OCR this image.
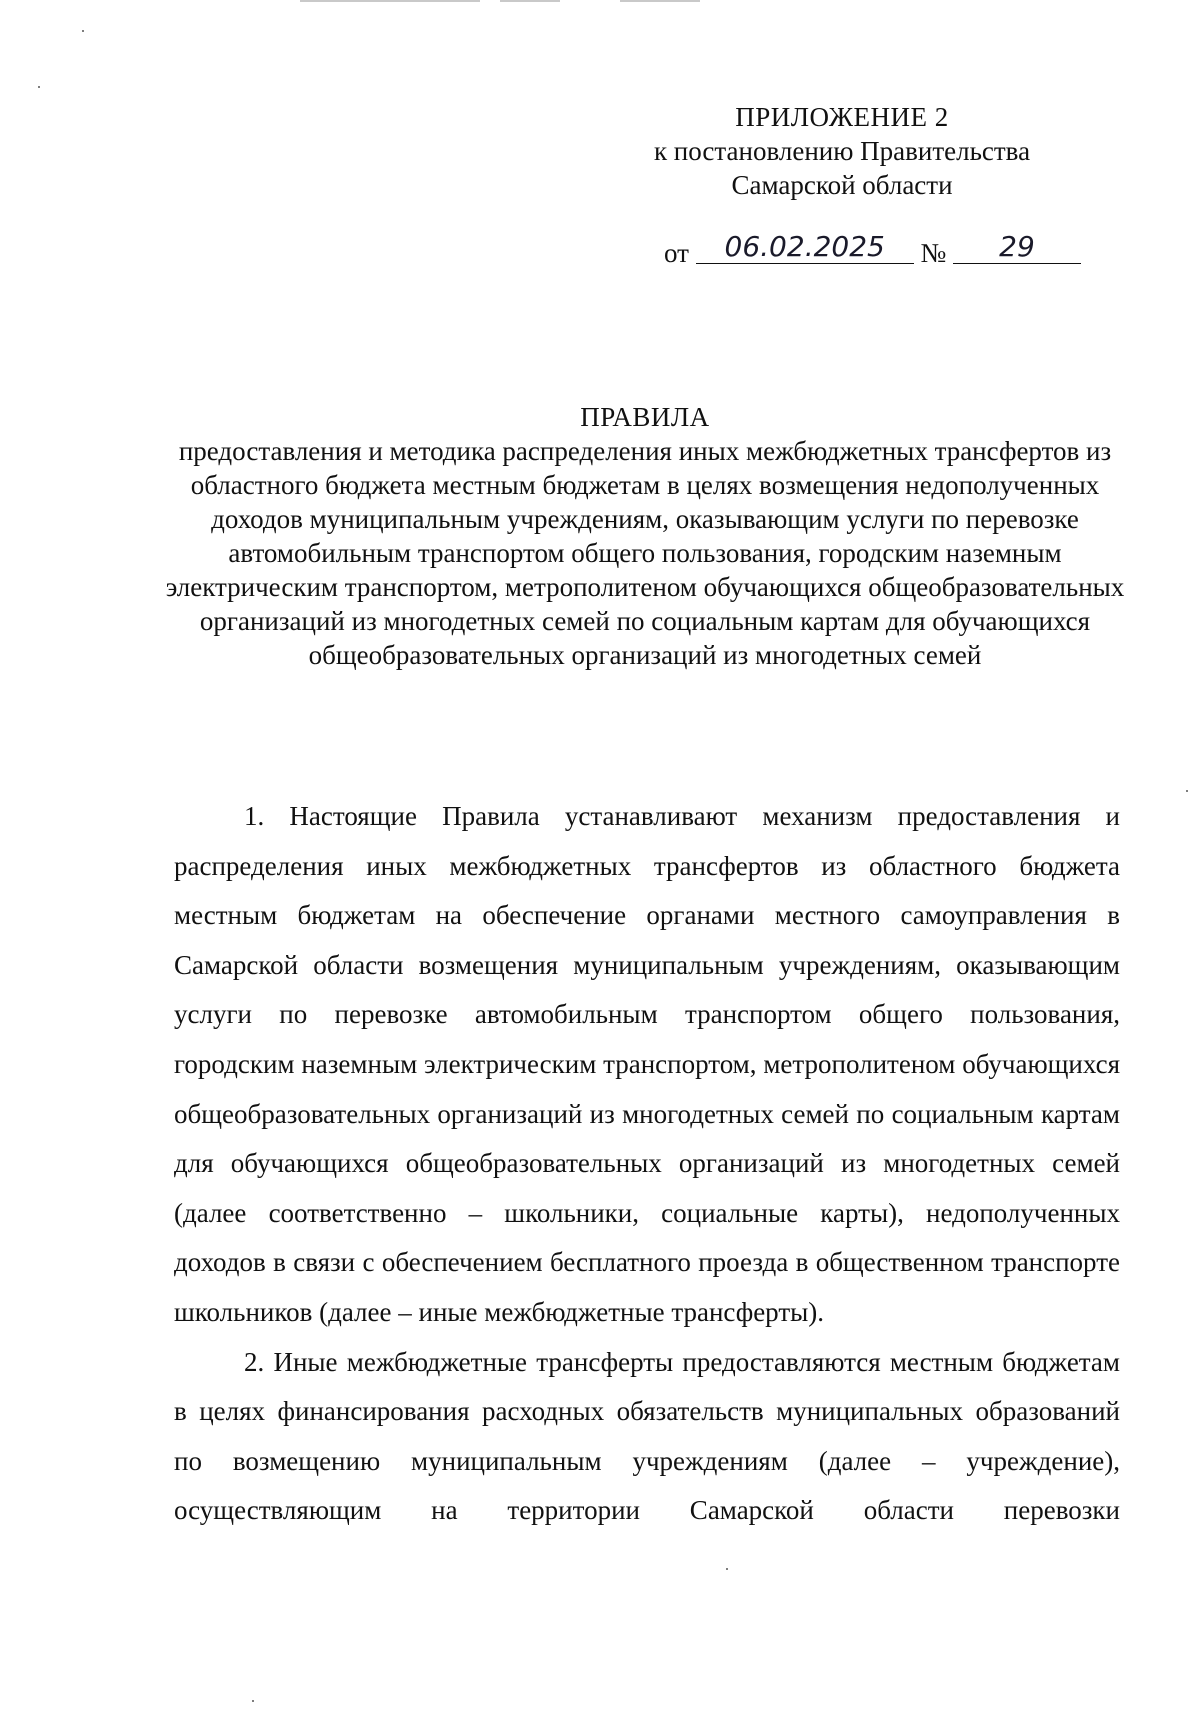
ПРИЛОЖЕНИЕ 2
к постановлению Правительства
Самарской области
от 06.02.2025 № 29
ПРАВИЛА
предоставления и методика распределения иных межбюджетных трансфертов из областного бюджета местным бюджетам в целях возмещения недополученных доходов муниципальным учреждениям, оказывающим услуги по перевозке автомобильным транспортом общего пользования, городским наземным электрическим транспортом, метрополитеном обучающихся общеобразовательных организаций из многодетных семей по социальным картам для обучающихся общеобразовательных организаций из многодетных семей

1. Настоящие Правила устанавливают механизм предоставления и распределения иных межбюджетных трансфертов из областного бюджета местным бюджетам на обеспечение органами местного самоуправления в Самарской области возмещения муниципальным учреждениям, оказывающим услуги по перевозке автомобильным транспортом общего пользования, городским наземным электрическим транспортом, метрополитеном обучающихся общеобразовательных организаций из многодетных семей по социальным картам для обучающихся общеобразовательных организаций из многодетных семей (далее соответственно – школьники, социальные карты), недополученных доходов в связи с обеспечением бесплатного проезда в общественном транспорте школьников (далее – иные межбюджетные трансферты).

2. Иные межбюджетные трансферты предоставляются местным бюджетам в целях финансирования расходных обязательств муниципальных образований по возмещению муниципальным учреждениям (далее – учреждение), осуществляющим на территории Самарской области перевозки
